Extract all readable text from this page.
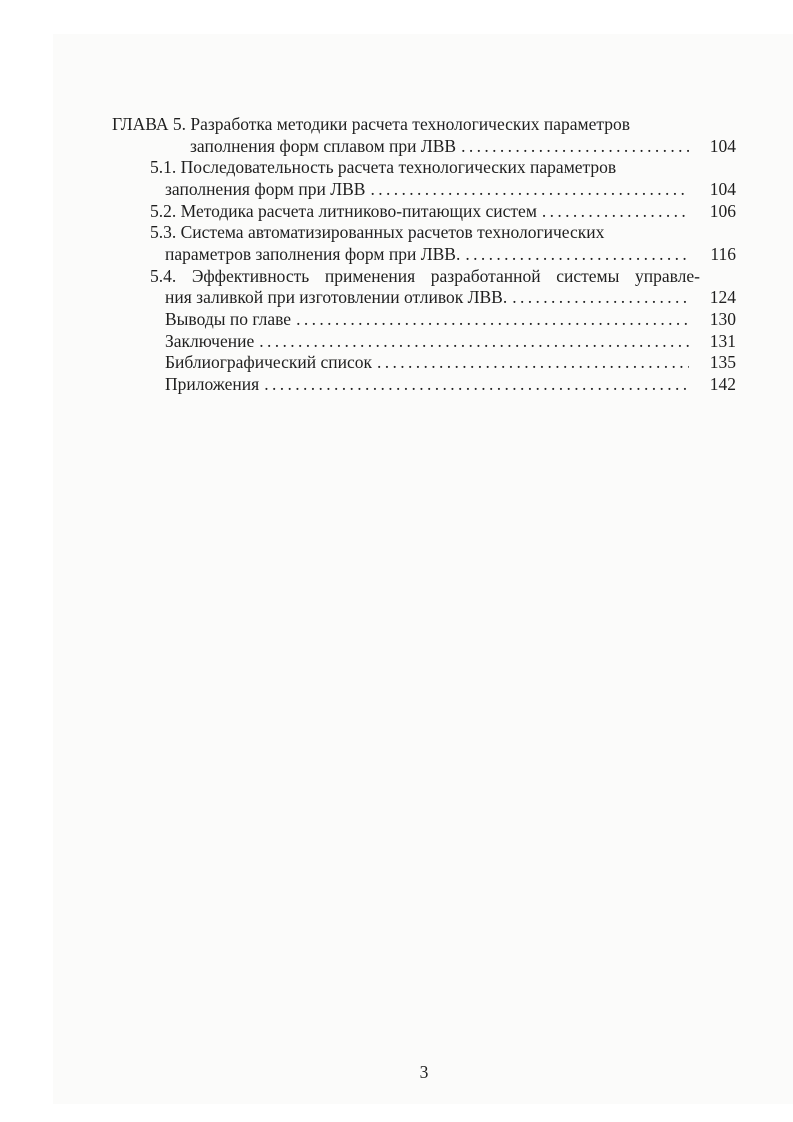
ГЛАВА 5. Разработка методики расчета технологических параметров
заполнения форм сплавом при ЛВВ . . .	104
5.1. Последовательность расчета технологических параметров
заполнения форм при ЛВВ . . .	104
5.2. Методика расчета литниково-питающих систем . . .	106
5.3. Система автоматизированных расчетов технологических
параметров заполнения форм при ЛВВ. . . .	116
5.4. Эффективность применения разработанной системы управле-
ния заливкой при изготовлении отливок ЛВВ. . . .	124
Выводы по главе . . .	130
Заключение . . .	131
Библиографический список . . .	135
Приложения . . .	142
3
